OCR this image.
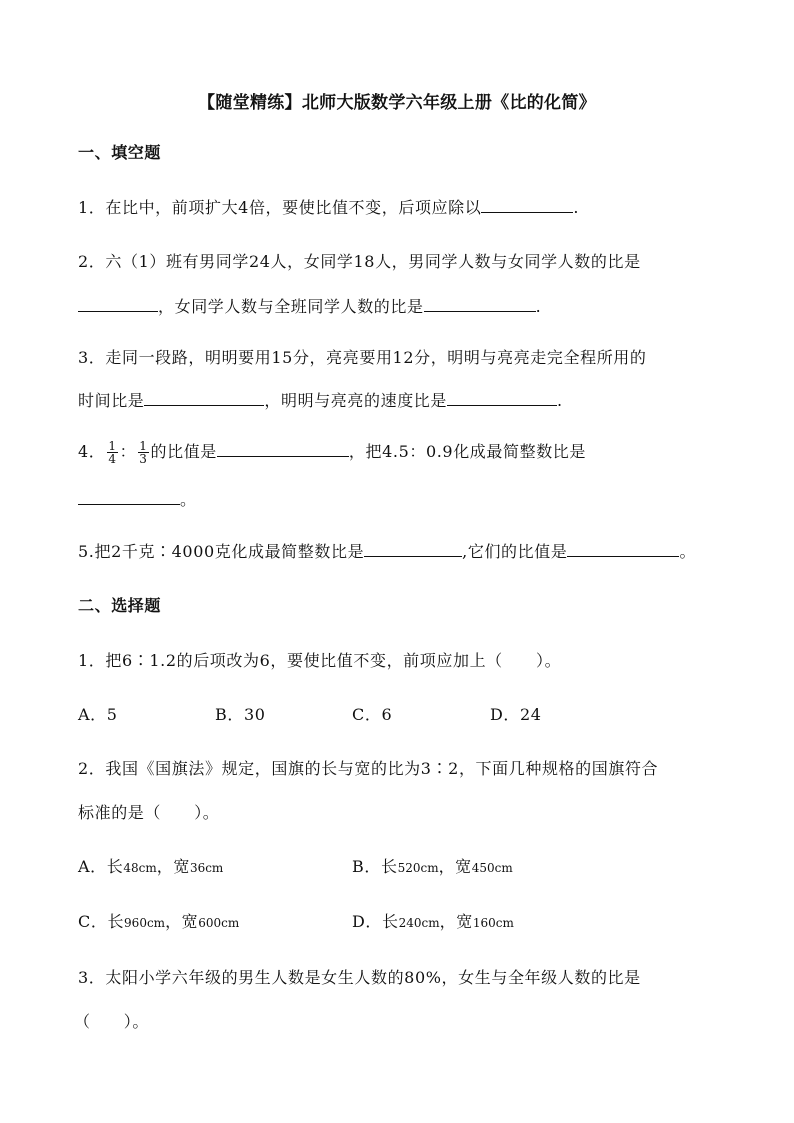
【随堂精练】北师大版数学六年级上册《比的化简》
一、填空题
1．在比中，前项扩大4倍，要使比值不变，后项应除以	.
2．六（1）班有男同学24人，女同学18人，男同学人数与女同学人数的比是
，女同学人数与全班同学人数的比是	.
3．走同一段路，明明要用15分，亮亮要用12分，明明与亮亮走完全程所用的
时间比是	，明明与亮亮的速度比是	.
4． $\frac{1}{4}$ ： $\frac{1}{3}$ 的比值是	，把4.5：0.9化成最简整数比是
。
5.把2千克∶4000克化成最简整数比是	,它们的比值是	。
二、选择题
1．把6∶1.2的后项改为6，要使比值不变，前项应加上（　　）。
A．5	B．30	C．6	D．24
2．我国《国旗法》规定，国旗的长与宽的比为3∶2，下面几种规格的国旗符合
标准的是（　　）。
A．长48cm，宽36cm	B．长520cm，宽450cm
C．长960cm，宽600cm	D．长240cm，宽160cm
3．太阳小学六年级的男生人数是女生人数的80%，女生与全年级人数的比是
（　　）。
